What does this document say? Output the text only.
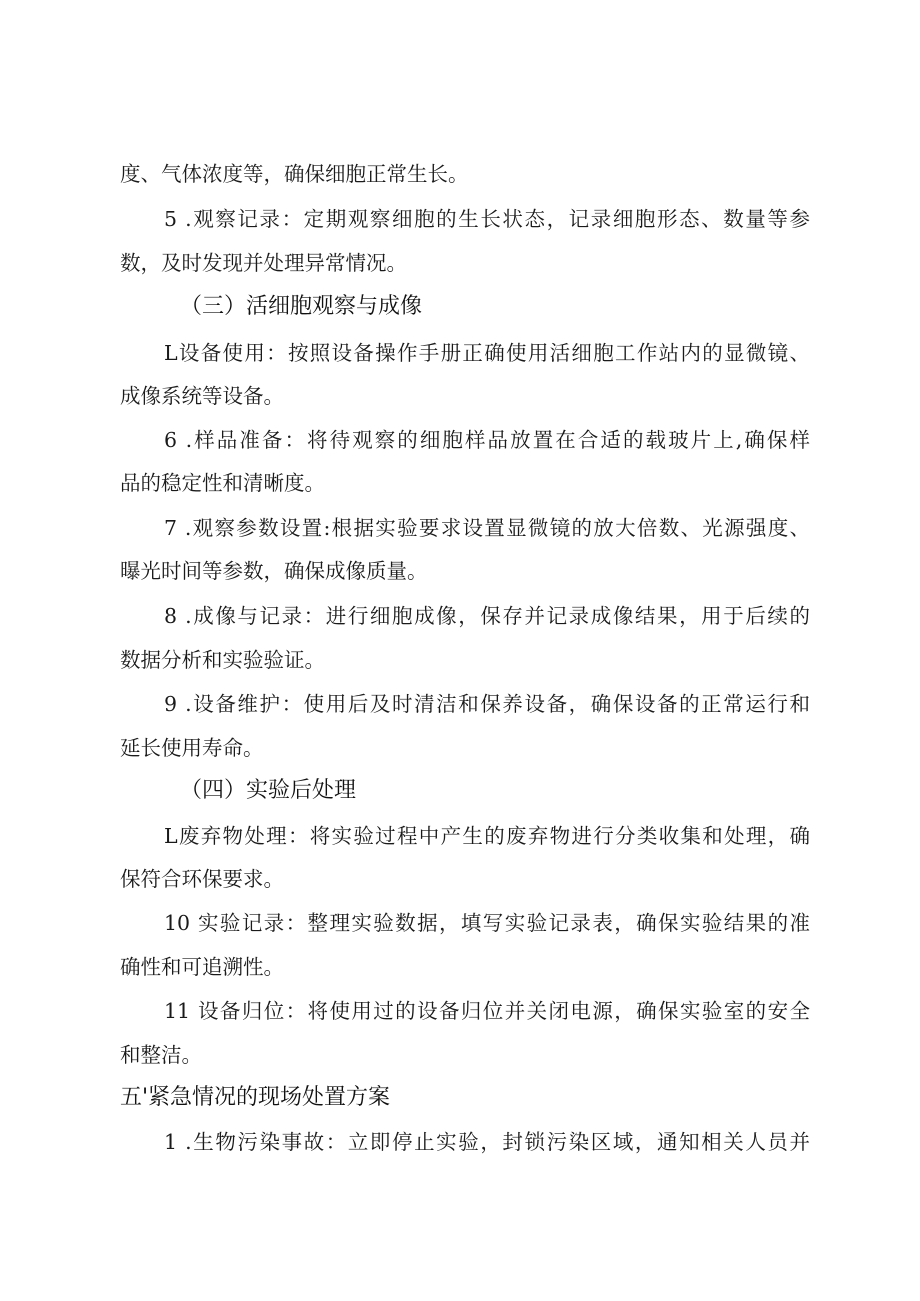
度、气体浓度等，确保细胞正常生长。
5 .观察记录：定期观察细胞的生长状态，记录细胞形态、数量等参
数，及时发现并处理异常情况。
（三）活细胞观察与成像
L设备使用：按照设备操作手册正确使用活细胞工作站内的显微镜、
成像系统等设备。
6 .样品准备：将待观察的细胞样品放置在合适的载玻片上,确保样
品的稳定性和清晰度。
7 .观察参数设置:根据实验要求设置显微镜的放大倍数、光源强度、
曝光时间等参数，确保成像质量。
8 .成像与记录：进行细胞成像，保存并记录成像结果，用于后续的
数据分析和实验验证。
9 .设备维护：使用后及时清洁和保养设备，确保设备的正常运行和
延长使用寿命。
（四）实验后处理
L废弃物处理：将实验过程中产生的废弃物进行分类收集和处理，确
保符合环保要求。
10 实验记录：整理实验数据，填写实验记录表，确保实验结果的准
确性和可追溯性。
11 设备归位：将使用过的设备归位并关闭电源，确保实验室的安全
和整洁。
五'紧急情况的现场处置方案
1 .生物污染事故：立即停止实验，封锁污染区域，通知相关人员并
